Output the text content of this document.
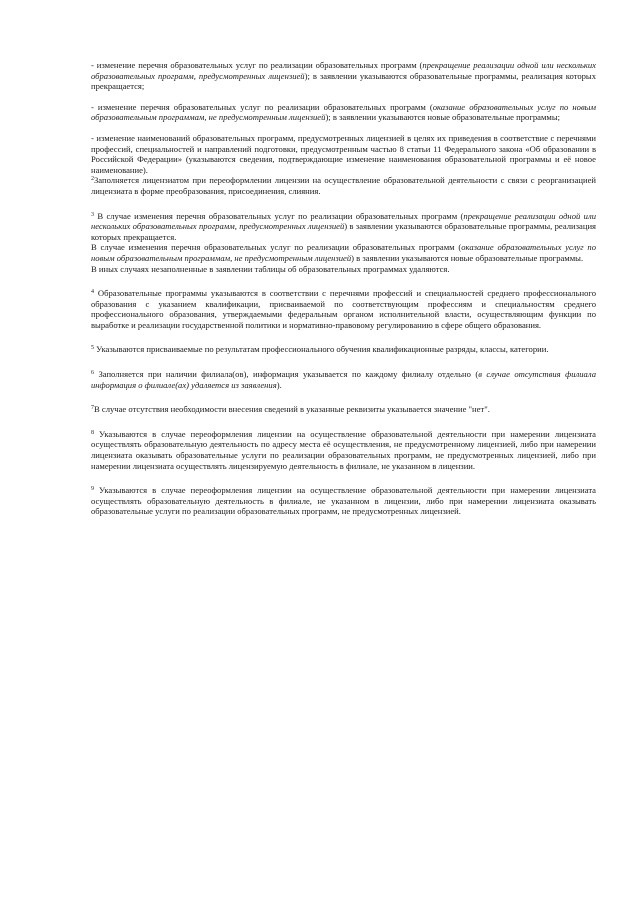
- изменение перечня образовательных услуг по реализации образовательных программ (прекращение реализации одной или нескольких образовательных программ, предусмотренных лицензией); в заявлении указываются образовательные программы, реализация которых прекращается;

- изменение перечня образовательных услуг по реализации образовательных программ (оказание образовательных услуг по новым образовательным программам, не предусмотренным лицензией); в заявлении указываются новые образовательные программы;

- изменение наименований образовательных программ, предусмотренных лицензией в целях их приведения в соответствие с перечнями профессий, специальностей и направлений подготовки, предусмотренным частью 8 статьи 11 Федерального закона «Об образовании в Российской Федерации» (указываются сведения, подтверждающие изменение наименования образовательной программы и её новое наименование).

$^2$Заполняется лицензиатом при переоформлении лицензии на осуществление образовательной деятельности с связи с реорганизацией лицензиата в форме преобразования, присоединения, слияния.

$^3$ В случае изменения перечня образовательных услуг по реализации образовательных программ (прекращение реализации одной или нескольких образовательных программ, предусмотренных лицензией) в заявлении указываются образовательные программы, реализация которых прекращается.

В случае изменения перечня образовательных услуг по реализации образовательных программ (оказание образовательных услуг по новым образовательным программам, не предусмотренным лицензией) в заявлении указываются новые образовательные программы.

В иных случаях незаполненные в заявлении таблицы об образовательных программах удаляются.

$^4$ Образовательные программы указываются в соответствии с перечнями профессий и специальностей среднего профессионального образования с указанием квалификации, присваиваемой по соответствующим профессиям и специальностям среднего профессионального образования, утверждаемыми федеральным органом исполнительной власти, осуществляющим функции по выработке и реализации государственной политики и нормативно-правовому регулированию в сфере общего образования.

$^5$ Указываются присваиваемые по результатам профессионального обучения квалификационные разряды, классы, категории.

$^6$ Заполняется при наличии филиала(ов), информация указывается по каждому филиалу отдельно (в случае отсутствия филиала информация о филиале(ах) удаляется из заявления).

$^7$В случае отсутствия необходимости внесения сведений в указанные реквизиты указывается значение "нет".

$^8$ Указываются в случае переоформления лицензии на осуществление образовательной деятельности при намерении лицензиата осуществлять образовательную деятельность по адресу места её осуществления, не предусмотренному лицензией, либо при намерении лицензиата оказывать образовательные услуги по реализации образовательных программ, не предусмотренных лицензией, либо при намерении лицензиата осуществлять лицензируемую деятельность в филиале, не указанном в лицензии.

$^9$ Указываются в случае переоформления лицензии на осуществление образовательной деятельности при намерении лицензиата осуществлять образовательную деятельность в филиале, не указанном в лицензии, либо при намерении лицензиата оказывать образовательные услуги по реализации образовательных программ, не предусмотренных лицензией.
